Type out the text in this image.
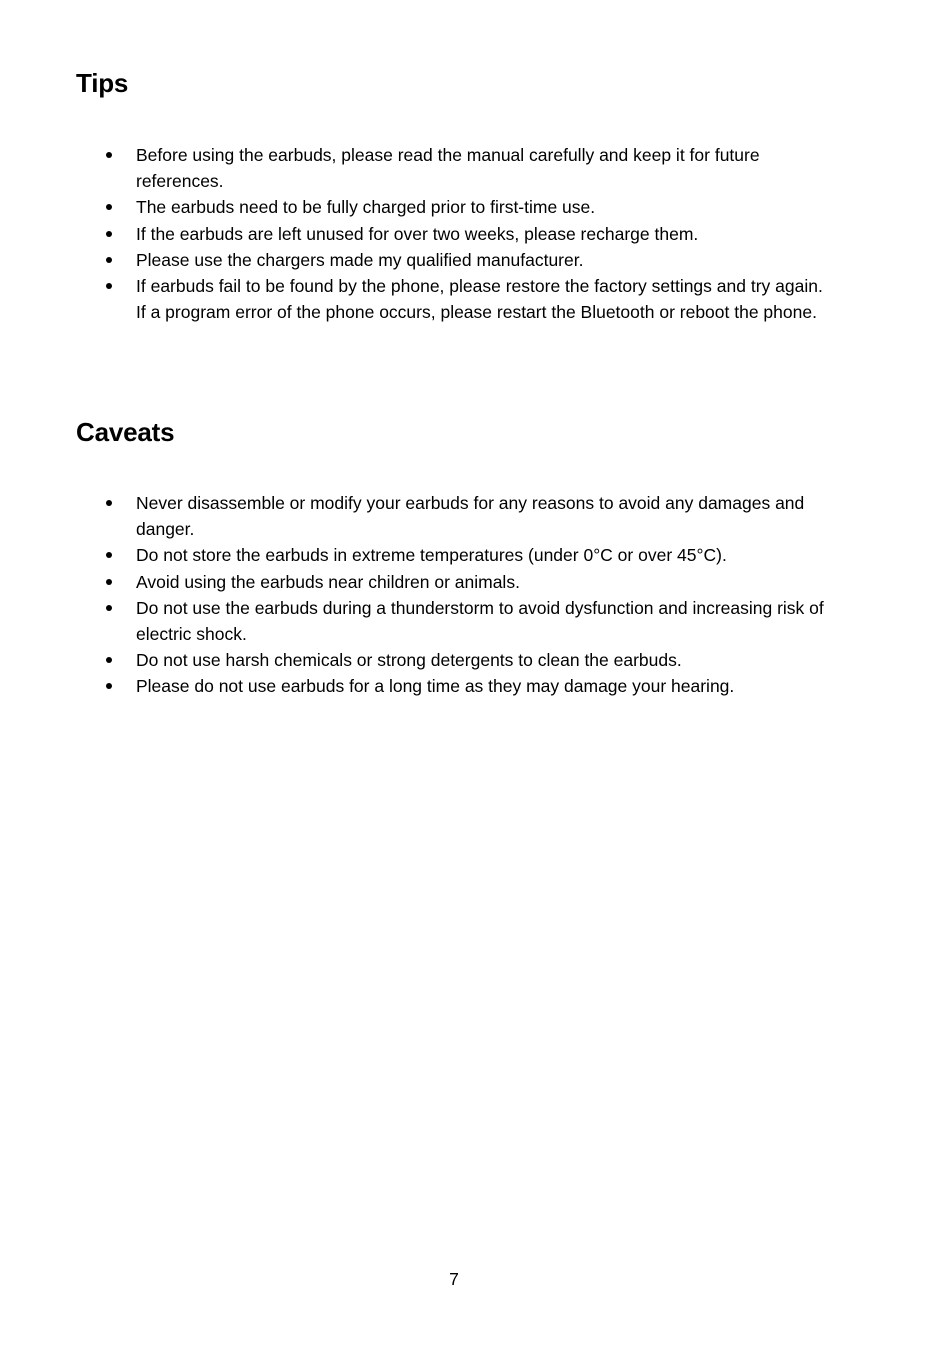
Tips
Before using the earbuds, please read the manual carefully and keep it for future references.
The earbuds need to be fully charged prior to first-time use.
If the earbuds are left unused for over two weeks, please recharge them.
Please use the chargers made my qualified manufacturer.
If earbuds fail to be found by the phone, please restore the factory settings and try again. If a program error of the phone occurs, please restart the Bluetooth or reboot the phone.
Caveats
Never disassemble or modify your earbuds for any reasons to avoid any damages and danger.
Do not store the earbuds in extreme temperatures (under 0°C or over 45°C).
Avoid using the earbuds near children or animals.
Do not use the earbuds during a thunderstorm to avoid dysfunction and increasing risk of electric shock.
Do not use harsh chemicals or strong detergents to clean the earbuds.
Please do not use earbuds for a long time as they may damage your hearing.
7
